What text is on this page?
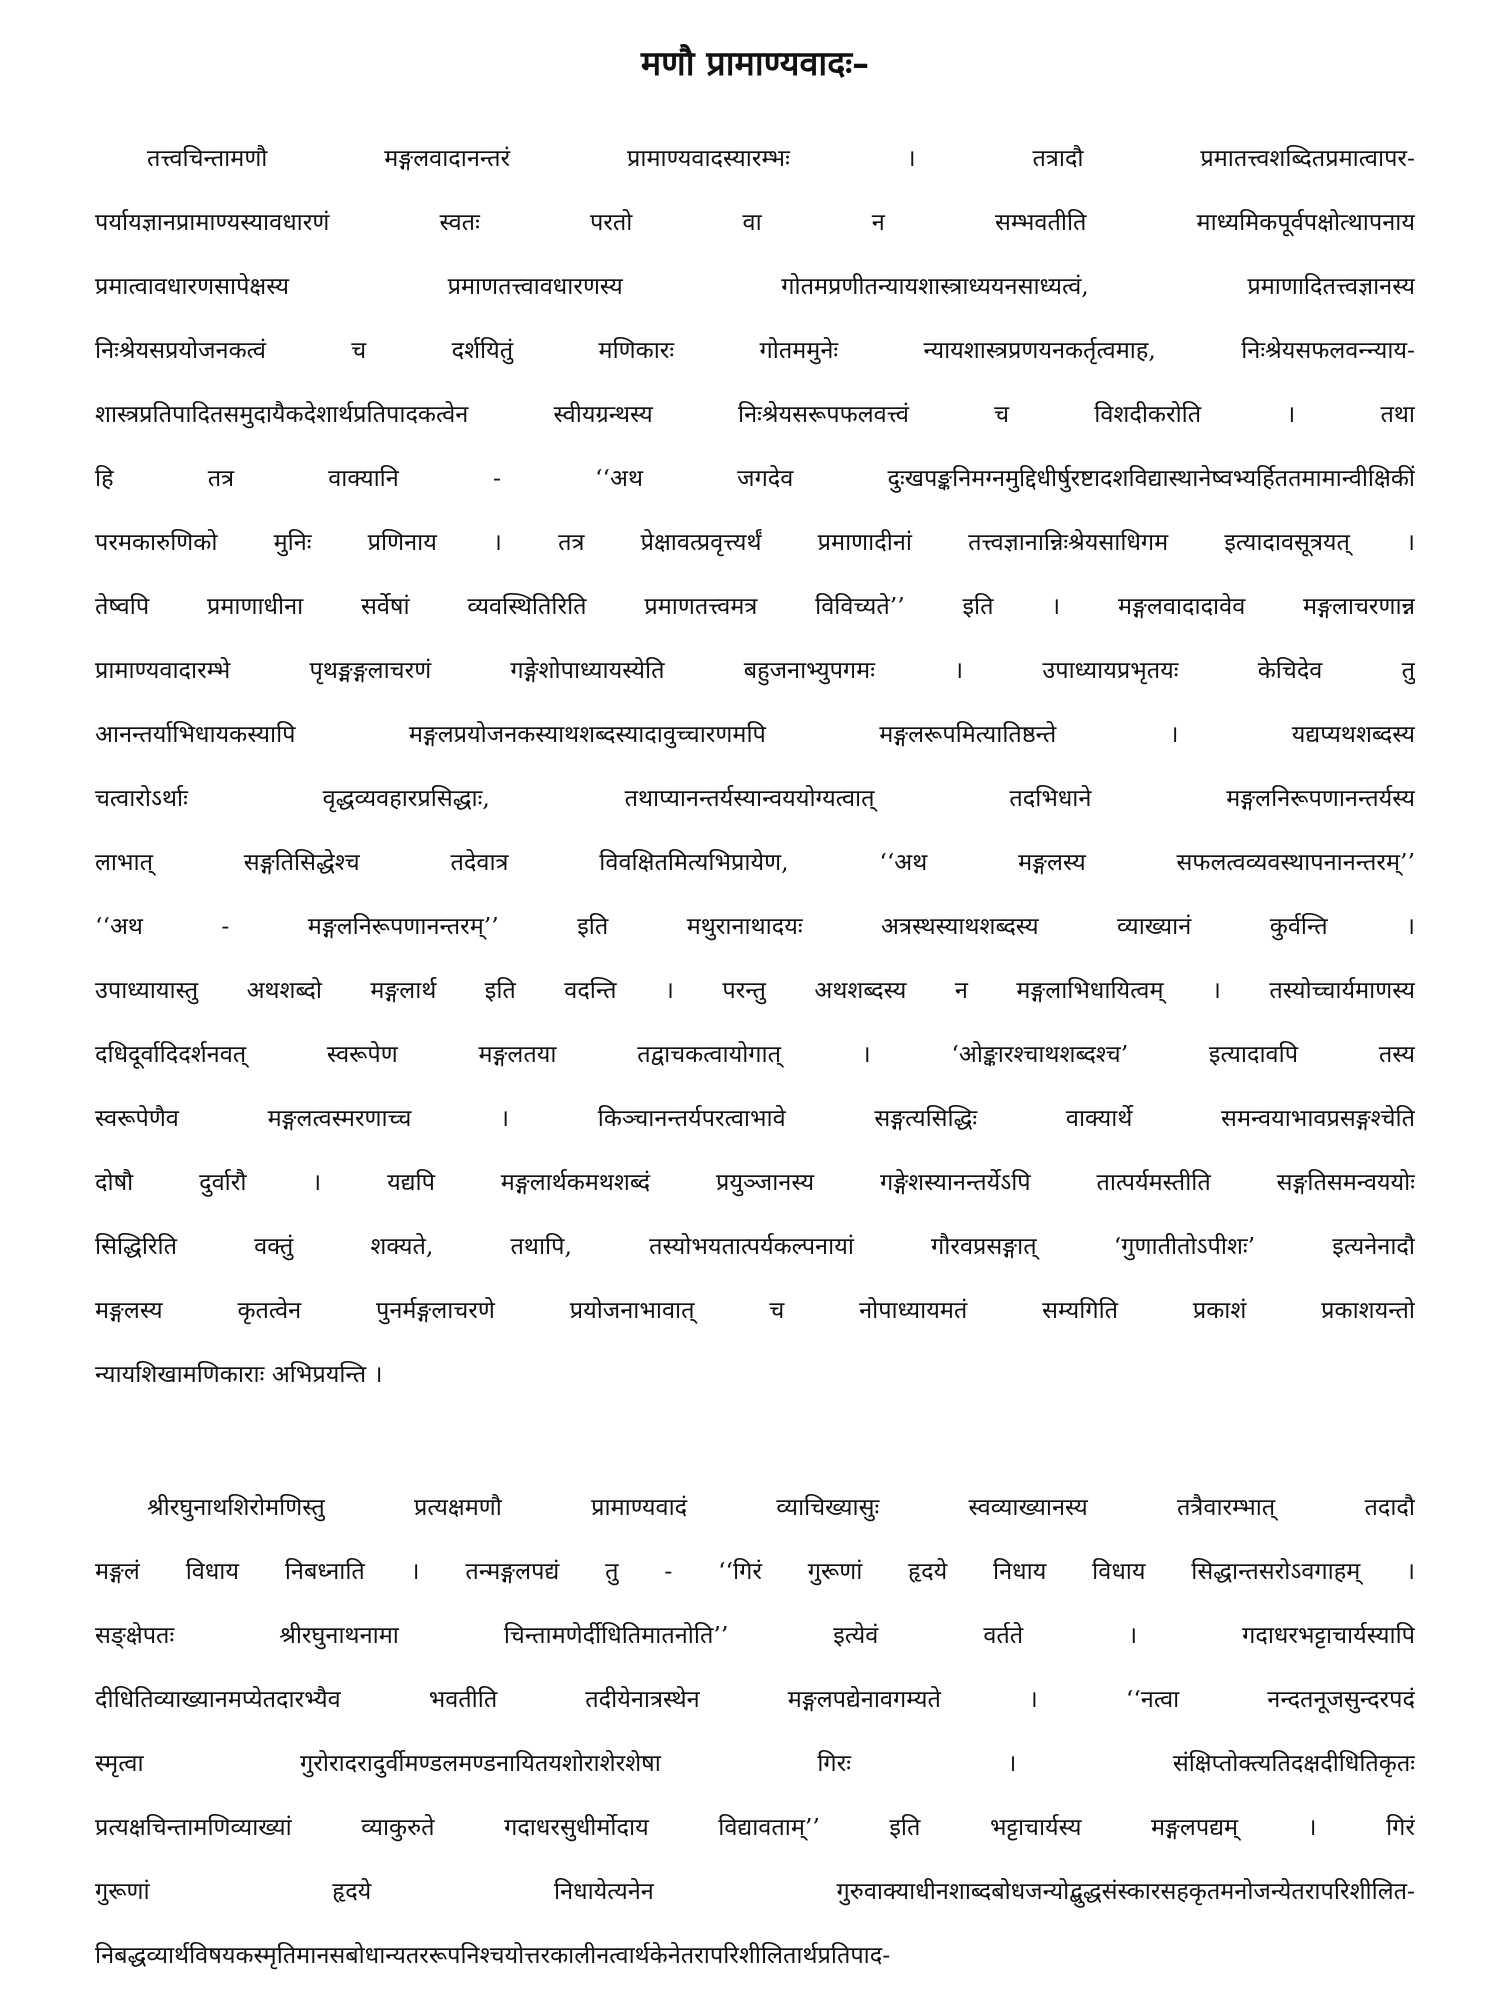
मणौ प्रामाण्यवादः–
तत्त्वचिन्तामणौ मङ्गलवादानन्तरं प्रामाण्यवादस्यारम्भः । तत्रादौ प्रमातत्त्वशब्दितप्रमात्वापर-
पर्यायज्ञानप्रामाण्यस्यावधारणं स्वतः परतो वा न सम्भवतीति माध्यमिकपूर्वपक्षोत्थापनाय
प्रमात्वावधारणसापेक्षस्य प्रमाणतत्त्वावधारणस्य गोतमप्रणीतन्यायशास्त्राध्ययनसाध्यत्वं, प्रमाणादितत्त्वज्ञानस्य
निःश्रेयसप्रयोजनकत्वं च दर्शयितुं मणिकारः गोतममुनेः न्यायशास्त्रप्रणयनकर्तृत्वमाह, निःश्रेयसफलवन्न्याय-
शास्त्रप्रतिपादितसमुदायैकदेशार्थप्रतिपादकत्वेन स्वीयग्रन्थस्य निःश्रेयसरूपफलवत्त्वं च विशदीकरोति । तथा
हि तत्र वाक्यानि - ‘‘अथ जगदेव दुःखपङ्कनिमग्नमुद्दिधीर्षुरष्टादशविद्यास्थानेष्वभ्यर्हिततमामान्वीक्षिकीं
परमकारुणिको मुनिः प्रणिनाय । तत्र प्रेक्षावत्प्रवृत्त्यर्थं प्रमाणादीनां तत्त्वज्ञानान्निःश्रेयसाधिगम इत्यादावसूत्रयत् ।
तेष्वपि प्रमाणाधीना सर्वेषां व्यवस्थितिरिति प्रमाणतत्त्वमत्र विविच्यते’’ इति । मङ्गलवादादावेव मङ्गलाचरणान्न
प्रामाण्यवादारम्भे पृथङ्मङ्गलाचरणं गङ्गेशोपाध्यायस्येति बहुजनाभ्युपगमः । उपाध्यायप्रभृतयः केचिदेव तु
आनन्तर्याभिधायकस्यापि मङ्गलप्रयोजनकस्याथशब्दस्यादावुच्चारणमपि मङ्गलरूपमित्यातिष्ठन्ते । यद्यप्यथशब्दस्य
चत्वारोऽर्थाः वृद्धव्यवहारप्रसिद्धाः, तथाप्यानन्तर्यस्यान्वययोग्यत्वात् तदभिधाने मङ्गलनिरूपणानन्तर्यस्य
लाभात् सङ्गतिसिद्धेश्च तदेवात्र विवक्षितमित्यभिप्रायेण, ‘‘अथ मङ्गलस्य सफलत्वव्यवस्थापनानन्तरम्’’
‘‘अथ - मङ्गलनिरूपणानन्तरम्’’ इति मथुरानाथादयः अत्रस्थस्याथशब्दस्य व्याख्यानं कुर्वन्ति ।
उपाध्यायास्तु अथशब्दो मङ्गलार्थ इति वदन्ति । परन्तु अथशब्दस्य न मङ्गलाभिधायित्वम् । तस्योच्चार्यमाणस्य
दधिदूर्वादिदर्शनवत् स्वरूपेण मङ्गलतया तद्वाचकत्वायोगात् । ‘ओङ्कारश्चाथशब्दश्च’ इत्यादावपि तस्य
स्वरूपेणैव मङ्गलत्वस्मरणाच्च । किञ्चानन्तर्यपरत्वाभावे सङ्गत्यसिद्धिः वाक्यार्थे समन्वयाभावप्रसङ्गश्चेति
दोषौ दुर्वारौ । यद्यपि मङ्गलार्थकमथशब्दं प्रयुञ्जानस्य गङ्गेशस्यानन्तर्येऽपि तात्पर्यमस्तीति सङ्गतिसमन्वययोः
सिद्धिरिति वक्तुं शक्यते, तथापि, तस्योभयतात्पर्यकल्पनायां गौरवप्रसङ्गात् ‘गुणातीतोऽपीशः’ इत्यनेनादौ
मङ्गलस्य कृतत्वेन पुनर्मङ्गलाचरणे प्रयोजनाभावात् च नोपाध्यायमतं सम्यगिति प्रकाशं प्रकाशयन्तो
न्यायशिखामणिकाराः अभिप्रयन्ति ।
श्रीरघुनाथशिरोमणिस्तु प्रत्यक्षमणौ प्रामाण्यवादं व्याचिख्यासुः स्वव्याख्यानस्य तत्रैवारम्भात् तदादौ
मङ्गलं विधाय निबध्नाति । तन्मङ्गलपद्यं तु - ‘‘गिरं गुरूणां हृदये निधाय विधाय सिद्धान्तसरोऽवगाहम् ।
सङ्क्षेपतः श्रीरघुनाथनामा चिन्तामणेर्दीधितिमातनोति’’ इत्येवं वर्तते । गदाधरभट्टाचार्यस्यापि
दीधितिव्याख्यानमप्येतदारभ्यैव भवतीति तदीयेनात्रस्थेन मङ्गलपद्येनावगम्यते । ‘‘नत्वा नन्दतनूजसुन्दरपदं
स्मृत्वा गुरोरादरादुर्वीमण्डलमण्डनायितयशोराशेरशेषा गिरः । संक्षिप्तोक्त्यतिदक्षदीधितिकृतः
प्रत्यक्षचिन्तामणिव्याख्यां व्याकुरुते गदाधरसुधीर्मोदाय विद्यावताम्’’ इति भट्टाचार्यस्य मङ्गलपद्यम् । गिरं
गुरूणां हृदये निधायेत्यनेन गुरुवाक्याधीनशाब्दबोधजन्योद्बुद्धसंस्कारसहकृतमनोजन्येतरापरिशीलित-
निबद्धव्यार्थविषयकस्मृतिमानसबोधान्यतररूपनिश्चयोत्तरकालीनत्वार्थकेनेतरापरिशीलितार्थप्रतिपाद-
